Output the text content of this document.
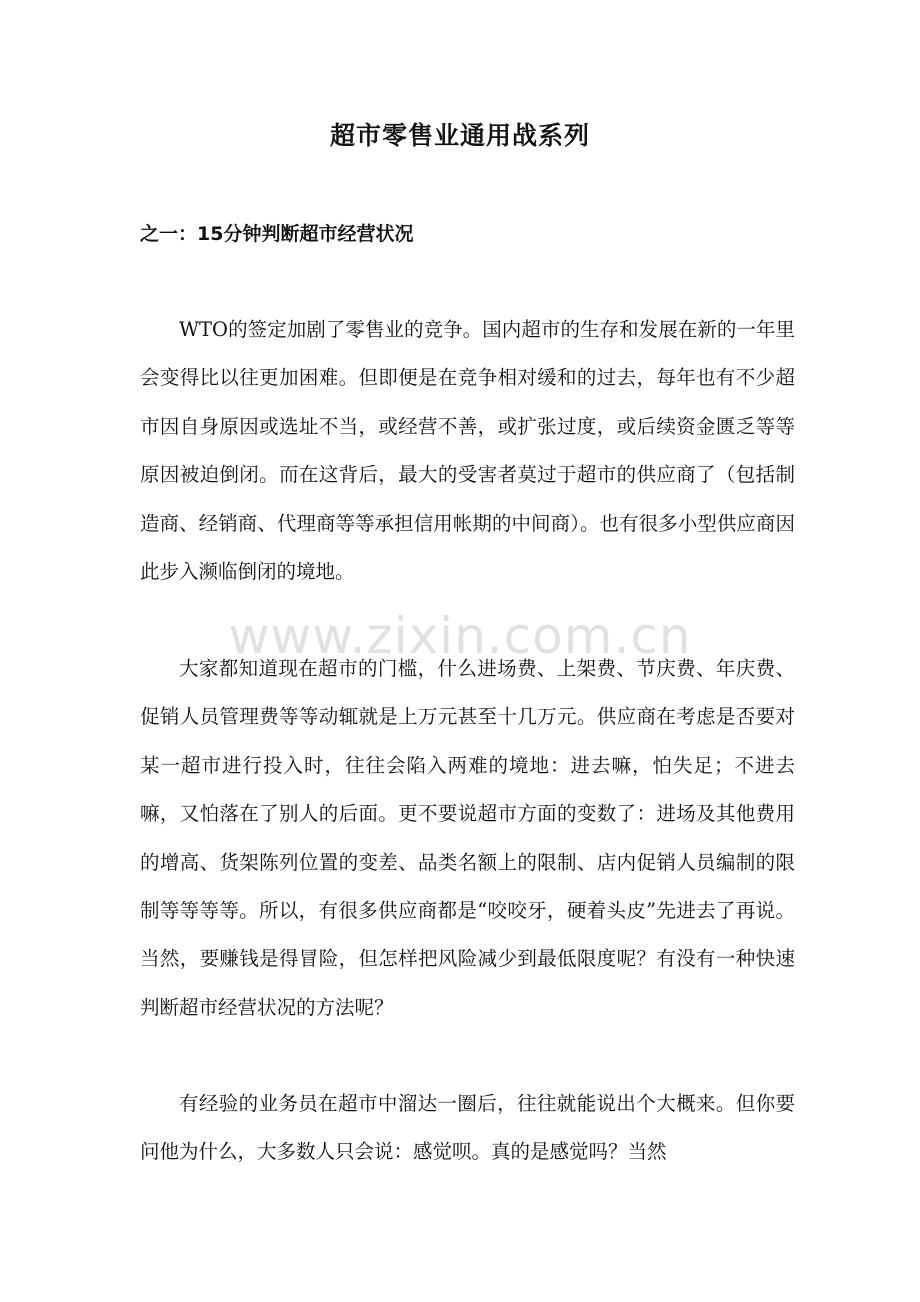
超市零售业通用战系列
之一：15分钟判断超市经营状况

WTO的签定加剧了零售业的竞争。国内超市的生存和发展在新的一年里会变得比以往更加困难。但即便是在竞争相对缓和的过去，每年也有不少超市因自身原因或选址不当，或经营不善，或扩张过度，或后续资金匮乏等等原因被迫倒闭。而在这背后，最大的受害者莫过于超市的供应商了（包括制造商、经销商、代理商等等承担信用帐期的中间商）。也有很多小型供应商因此步入濒临倒闭的境地。

大家都知道现在超市的门槛，什么进场费、上架费、节庆费、年庆费、促销人员管理费等等动辄就是上万元甚至十几万元。供应商在考虑是否要对某一超市进行投入时，往往会陷入两难的境地：进去嘛，怕失足；不进去嘛，又怕落在了别人的后面。更不要说超市方面的变数了：进场及其他费用的增高、货架陈列位置的变差、品类名额上的限制、店内促销人员编制的限制等等等等。所以，有很多供应商都是“咬咬牙，硬着头皮”先进去了再说。当然，要赚钱是得冒险，但怎样把风险减少到最低限度呢？有没有一种快速判断超市经营状况的方法呢？

有经验的业务员在超市中溜达一圈后，往往就能说出个大概来。但你要问他为什么，大多数人只会说：感觉呗。真的是感觉吗？当然

www.zixin.com.cn
